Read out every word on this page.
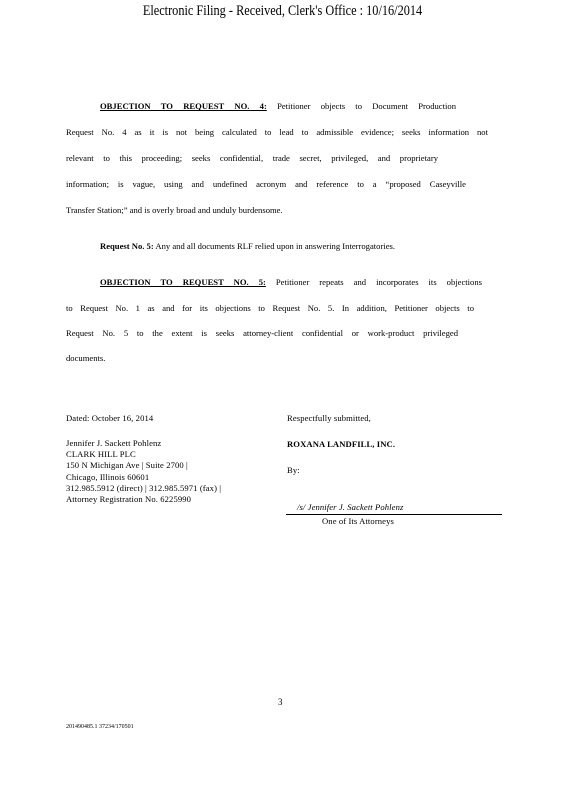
Electronic Filing - Received, Clerk's Office : 10/16/2014
OBJECTION TO REQUEST NO. 4: Petitioner objects to Document Production
Request No. 4 as it is not being calculated to lead to admissible evidence; seeks information not
relevant to this proceeding; seeks confidential, trade secret, privileged, and proprietary
information; is vague, using and undefined acronym and reference to a “proposed Caseyville
Transfer Station;” and is overly broad and unduly burdensome.
Request No. 5: Any and all documents RLF relied upon in answering Interrogatories.
OBJECTION TO REQUEST NO. 5: Petitioner repeats and incorporates its objections
to Request No. 1 as and for its objections to Request No. 5. In addition, Petitioner objects to
Request No. 5 to the extent is seeks attorney-client confidential or work-product privileged
documents.
Dated: October 16, 2014	Respectfully submitted,
ROXANA LANDFILL, INC.
By:
/s/ Jennifer J. Sackett Pohlenz
One of Its Attorneys
Jennifer J. Sackett Pohlenz
CLARK HILL PLC
150 N Michigan Ave | Suite 2700 |
Chicago, Illinois 60601
312.985.5912 (direct) | 312.985.5971 (fax) |
Attorney Registration No. 6225990
3
201490485.1 37234/170501
